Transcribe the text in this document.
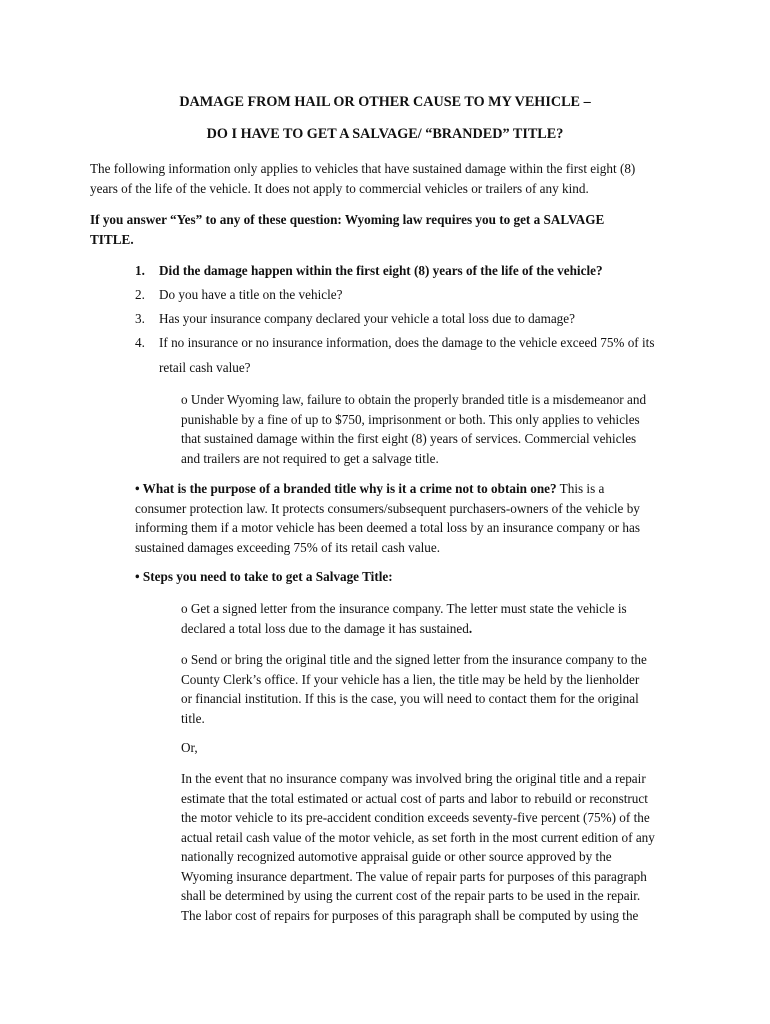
DAMAGE FROM HAIL OR OTHER CAUSE TO MY VEHICLE –
DO I HAVE TO GET A SALVAGE/ “BRANDED” TITLE?
The following information only applies to vehicles that have sustained damage within the first eight (8)
years of the life of the vehicle. It does not apply to commercial vehicles or trailers of any kind.
If you answer “Yes” to any of these question: Wyoming law requires you to get a SALVAGE
TITLE.
1. Did the damage happen within the first eight (8) years of the life of the vehicle?
2. Do you have a title on the vehicle?
3. Has your insurance company declared your vehicle a total loss due to damage?
4. If no insurance or no insurance information, does the damage to the vehicle exceed 75% of its
retail cash value?
o Under Wyoming law, failure to obtain the properly branded title is a misdemeanor and
punishable by a fine of up to $750, imprisonment or both. This only applies to vehicles
that sustained damage within the first eight (8) years of services. Commercial vehicles
and trailers are not required to get a salvage title.
• What is the purpose of a branded title why is it a crime not to obtain one? This is a
consumer protection law. It protects consumers/subsequent purchasers-owners of the vehicle by
informing them if a motor vehicle has been deemed a total loss by an insurance company or has
sustained damages exceeding 75% of its retail cash value.
• Steps you need to take to get a Salvage Title:
o Get a signed letter from the insurance company. The letter must state the vehicle is
declared a total loss due to the damage it has sustained.
o Send or bring the original title and the signed letter from the insurance company to the
County Clerk’s office. If your vehicle has a lien, the title may be held by the lienholder
or financial institution. If this is the case, you will need to contact them for the original
title.
Or,
In the event that no insurance company was involved bring the original title and a repair
estimate that the total estimated or actual cost of parts and labor to rebuild or reconstruct
the motor vehicle to its pre-accident condition exceeds seventy-five percent (75%) of the
actual retail cash value of the motor vehicle, as set forth in the most current edition of any
nationally recognized automotive appraisal guide or other source approved by the
Wyoming insurance department. The value of repair parts for purposes of this paragraph
shall be determined by using the current cost of the repair parts to be used in the repair.
The labor cost of repairs for purposes of this paragraph shall be computed by using the
